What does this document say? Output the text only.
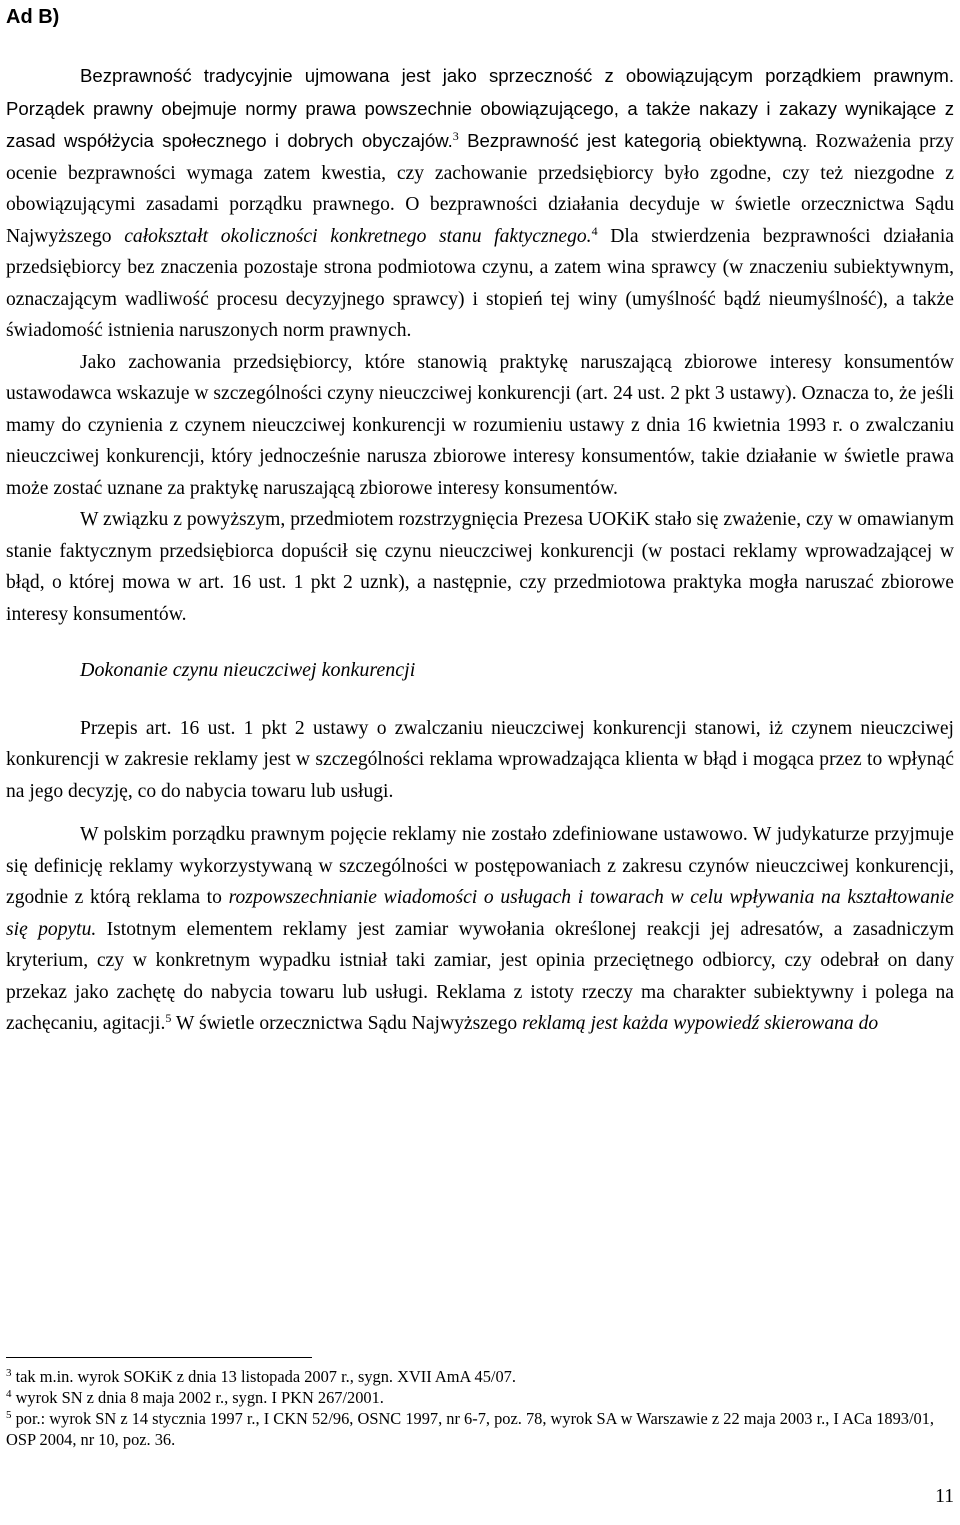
Ad B)

Bezprawność tradycyjnie ujmowana jest jako sprzeczność z obowiązującym porządkiem prawnym. Porządek prawny obejmuje normy prawa powszechnie obowiązującego, a także nakazy i zakazy wynikające z zasad współżycia społecznego i dobrych obyczajów.$^3$ Bezprawność jest kategorią obiektywną. Rozważenia przy ocenie bezprawności wymaga zatem kwestia, czy zachowanie przedsiębiorcy było zgodne, czy też niezgodne z obowiązującymi zasadami porządku prawnego. O bezprawności działania decyduje w świetle orzecznictwa Sądu Najwyższego całokształt okoliczności konkretnego stanu faktycznego.$^4$ Dla stwierdzenia bezprawności działania przedsiębiorcy bez znaczenia pozostaje strona podmiotowa czynu, a zatem wina sprawcy (w znaczeniu subiektywnym, oznaczającym wadliwość procesu decyzyjnego sprawcy) i stopień tej winy (umyślność bądź nieumyślność), a także świadomość istnienia naruszonych norm prawnych.

Jako zachowania przedsiębiorcy, które stanowią praktykę naruszającą zbiorowe interesy konsumentów ustawodawca wskazuje w szczególności czyny nieuczciwej konkurencji (art. 24 ust. 2 pkt 3 ustawy). Oznacza to, że jeśli mamy do czynienia z czynem nieuczciwej konkurencji w rozumieniu ustawy z dnia 16 kwietnia 1993 r. o zwalczaniu nieuczciwej konkurencji, który jednocześnie narusza zbiorowe interesy konsumentów, takie działanie w świetle prawa może zostać uznane za praktykę naruszającą zbiorowe interesy konsumentów.

W związku z powyższym, przedmiotem rozstrzygnięcia Prezesa UOKiK stało się zważenie, czy w omawianym stanie faktycznym przedsiębiorca dopuścił się czynu nieuczciwej konkurencji (w postaci reklamy wprowadzającej w błąd, o której mowa w art. 16 ust. 1 pkt 2 uznk), a następnie, czy przedmiotowa praktyka mogła naruszać zbiorowe interesy konsumentów.

Dokonanie czynu nieuczciwej konkurencji

Przepis art. 16 ust. 1 pkt 2 ustawy o zwalczaniu nieuczciwej konkurencji stanowi, iż czynem nieuczciwej konkurencji w zakresie reklamy jest w szczególności reklama wprowadzająca klienta w błąd i mogąca przez to wpłynąć na jego decyzję, co do nabycia towaru lub usługi.

W polskim porządku prawnym pojęcie reklamy nie zostało zdefiniowane ustawowo. W judykaturze przyjmuje się definicję reklamy wykorzystywaną w szczególności w postępowaniach z zakresu czynów nieuczciwej konkurencji, zgodnie z którą reklama to rozpowszechnianie wiadomości o usługach i towarach w celu wpływania na kształtowanie się popytu. Istotnym elementem reklamy jest zamiar wywołania określonej reakcji jej adresatów, a zasadniczym kryterium, czy w konkretnym wypadku istniał taki zamiar, jest opinia przeciętnego odbiorcy, czy odebrał on dany przekaz jako zachętę do nabycia towaru lub usługi. Reklama z istoty rzeczy ma charakter subiektywny i polega na zachęcaniu, agitacji.$^5$ W świetle orzecznictwa Sądu Najwyższego reklamą jest każda wypowiedź skierowana do

$^3$ tak m.in. wyrok SOKiK z dnia 13 listopada 2007 r., sygn. XVII AmA 45/07.

$^4$ wyrok SN z dnia 8 maja 2002 r., sygn. I PKN 267/2001.

$^5$ por.: wyrok SN z 14 stycznia 1997 r., I CKN 52/96, OSNC 1997, nr 6-7, poz. 78, wyrok SA w Warszawie z 22 maja 2003 r., I ACa 1893/01, OSP 2004, nr 10, poz. 36.

11
